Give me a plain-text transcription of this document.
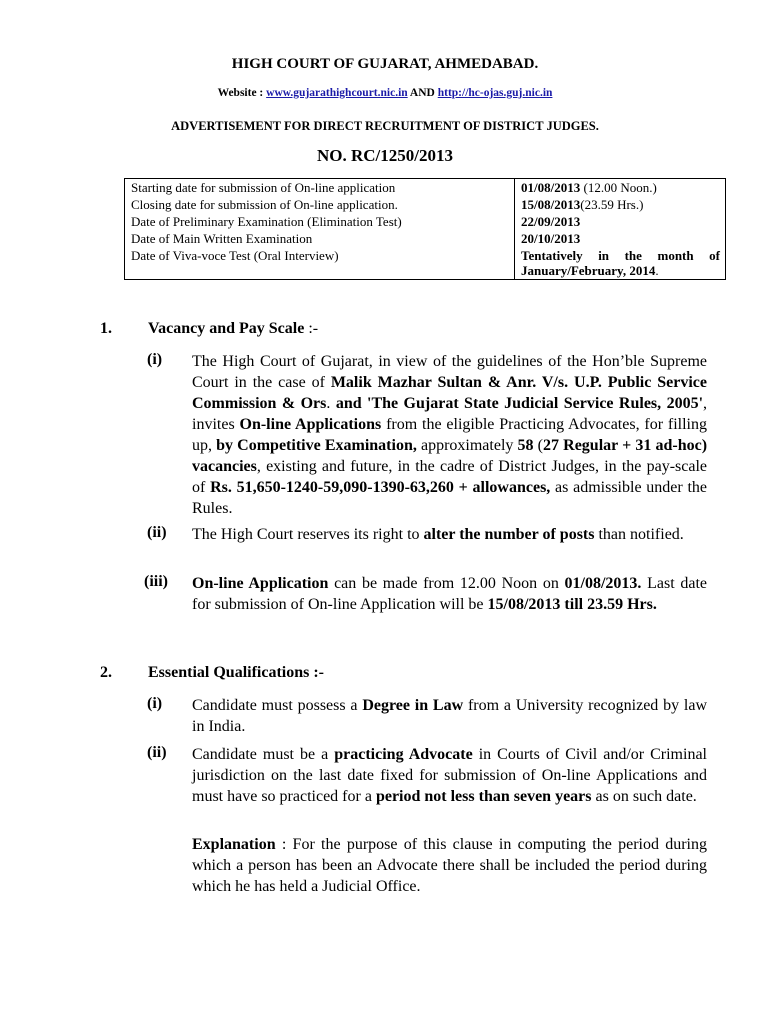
HIGH COURT OF GUJARAT, AHMEDABAD.
Website : www.gujarathighcourt.nic.in AND http://hc-ojas.guj.nic.in
ADVERTISEMENT FOR DIRECT RECRUITMENT OF DISTRICT JUDGES.
NO. RC/1250/2013
Starting date for submission of On-line application	01/08/2013 (12.00 Noon.)
Closing date for submission of On-line application.	15/08/2013(23.59 Hrs.)
Date of Preliminary Examination (Elimination Test)	22/09/2013
Date of Main Written Examination	20/10/2013
Date of Viva-voce Test (Oral Interview)	Tentatively in the month of
January/February, 2014.
1. Vacancy and Pay Scale :-
(i)	The High Court of Gujarat, in view of the guidelines of the Hon’ble Supreme Court in the case of Malik Mazhar Sultan & Anr. V/s. U.P. Public Service Commission & Ors. and 'The Gujarat State Judicial Service Rules, 2005', invites On-line Applications from the eligible Practicing Advocates, for filling up, by Competitive Examination, approximately 58 (27 Regular + 31 ad-hoc) vacancies, existing and future, in the cadre of District Judges, in the pay-scale of Rs. 51,650-1240-59,090-1390-63,260 + allowances, as admissible under the Rules.
(ii)	The High Court reserves its right to alter the number of posts than notified.
(iii)	On-line Application can be made from 12.00 Noon on 01/08/2013. Last date for submission of On-line Application will be 15/08/2013 till 23.59 Hrs.
2. Essential Qualifications :-
(i)	Candidate must possess a Degree in Law from a University recognized by law in India.
(ii)	Candidate must be a practicing Advocate in Courts of Civil and/or Criminal jurisdiction on the last date fixed for submission of On-line Applications and must have so practiced for a period not less than seven years as on such date.
Explanation : For the purpose of this clause in computing the period during which a person has been an Advocate there shall be included the period during which he has held a Judicial Office.
